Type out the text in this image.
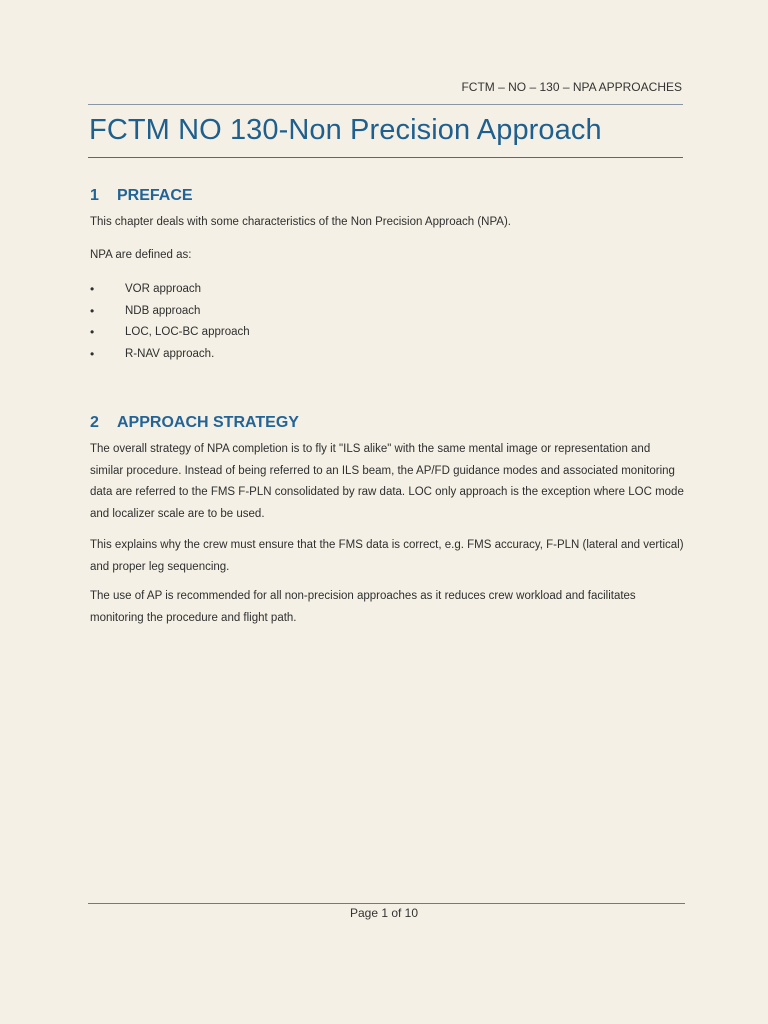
FCTM – NO – 130 – NPA APPROACHES
FCTM NO 130-Non Precision Approach
1 PREFACE

This chapter deals with some characteristics of the Non Precision Approach (NPA).

NPA are defined as:

•	VOR approach
•	NDB approach
•	LOC, LOC-BC approach
•	R-NAV approach.
2 APPROACH STRATEGY

The overall strategy of NPA completion is to fly it "ILS alike" with the same mental image or representation and similar procedure. Instead of being referred to an ILS beam, the AP/FD guidance modes and associated monitoring data are referred to the FMS F-PLN consolidated by raw data. LOC only approach is the exception where LOC mode and localizer scale are to be used.

This explains why the crew must ensure that the FMS data is correct, e.g. FMS accuracy, F-PLN (lateral and vertical) and proper leg sequencing.

The use of AP is recommended for all non-precision approaches as it reduces crew workload and facilitates monitoring the procedure and flight path.

Page 1 of 10
